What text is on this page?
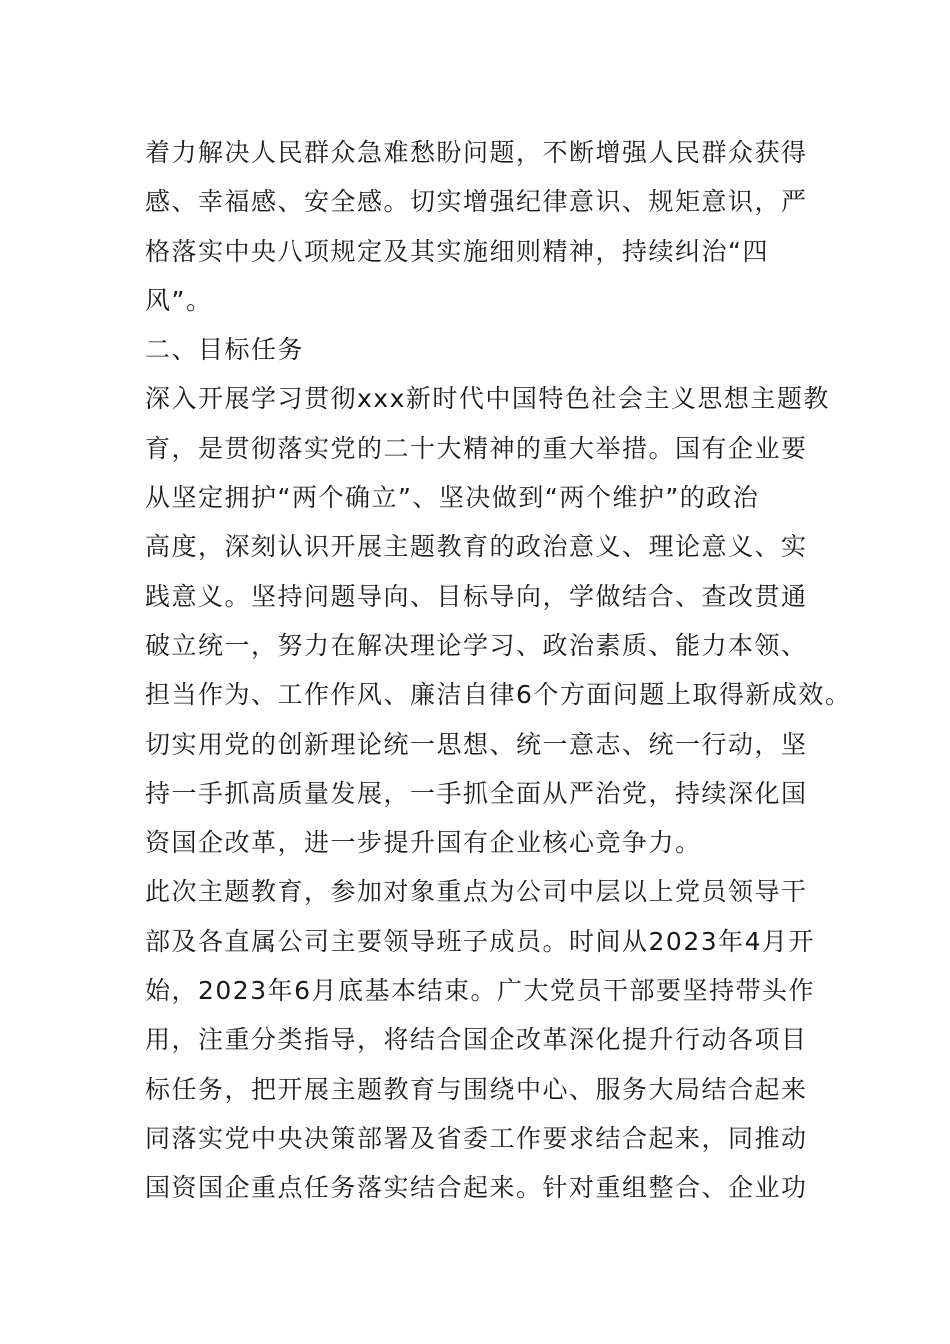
着力解决人民群众急难愁盼问题，不断增强人民群众获得
感、幸福感、安全感。切实增强纪律意识、规矩意识，严
格落实中央八项规定及其实施细则精神，持续纠治“四
风”。
二、目标任务
深入开展学习贯彻xxx新时代中国特色社会主义思想主题教
育，是贯彻落实党的二十大精神的重大举措。国有企业要
从坚定拥护“两个确立”、坚决做到“两个维护”的政治
高度，深刻认识开展主题教育的政治意义、理论意义、实
践意义。坚持问题导向、目标导向，学做结合、查改贯通
破立统一，努力在解决理论学习、政治素质、能力本领、
担当作为、工作作风、廉洁自律6个方面问题上取得新成效。
切实用党的创新理论统一思想、统一意志、统一行动，坚
持一手抓高质量发展，一手抓全面从严治党，持续深化国
资国企改革，进一步提升国有企业核心竞争力。
此次主题教育，参加对象重点为公司中层以上党员领导干
部及各直属公司主要领导班子成员。时间从2023年4月开
始，2023年6月底基本结束。广大党员干部要坚持带头作
用，注重分类指导，将结合国企改革深化提升行动各项目
标任务，把开展主题教育与围绕中心、服务大局结合起来
同落实党中央决策部署及省委工作要求结合起来，同推动
国资国企重点任务落实结合起来。针对重组整合、企业功
